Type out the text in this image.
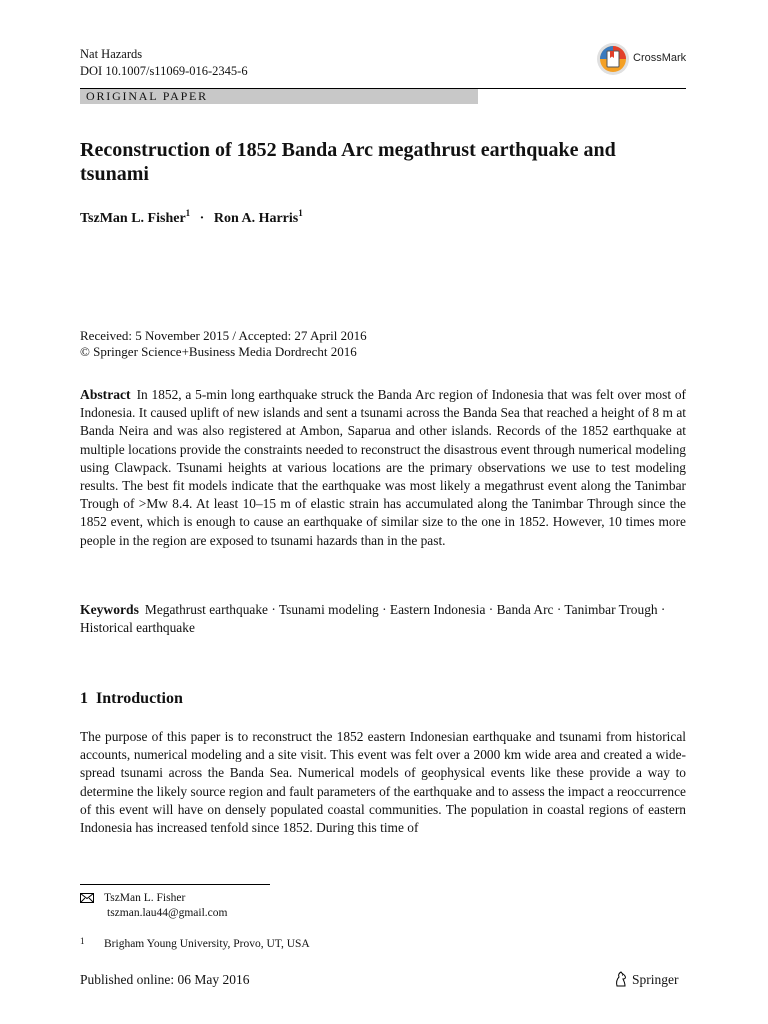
Nat Hazards
DOI 10.1007/s11069-016-2345-6
CrossMark
ORIGINAL PAPER
Reconstruction of 1852 Banda Arc megathrust earthquake and tsunami
TszMan L. Fisher$^1$ · Ron A. Harris$^1$
Received: 5 November 2015 / Accepted: 27 April 2016
© Springer Science+Business Media Dordrecht 2016
Abstract In 1852, a 5-min long earthquake struck the Banda Arc region of Indonesia that was felt over most of Indonesia. It caused uplift of new islands and sent a tsunami across the Banda Sea that reached a height of 8 m at Banda Neira and was also registered at Ambon, Saparua and other islands. Records of the 1852 earthquake at multiple locations provide the constraints needed to reconstruct the disastrous event through numerical modeling using Clawpack. Tsunami heights at various locations are the primary observations we use to test modeling results. The best fit models indicate that the earthquake was most likely a megathrust event along the Tanimbar Trough of >Mw 8.4. At least 10–15 m of elastic strain has accumulated along the Tanimbar Through since the 1852 event, which is enough to cause an earthquake of similar size to the one in 1852. However, 10 times more people in the region are exposed to tsunami hazards than in the past.
Keywords Megathrust earthquake · Tsunami modeling · Eastern Indonesia · Banda Arc · Tanimbar Trough · Historical earthquake
1 Introduction
The purpose of this paper is to reconstruct the 1852 eastern Indonesian earthquake and tsunami from historical accounts, numerical modeling and a site visit. This event was felt over a 2000 km wide area and created a wide-spread tsunami across the Banda Sea. Numerical models of geophysical events like these provide a way to determine the likely source region and fault parameters of the earthquake and to assess the impact a reoccurrence of this event will have on densely populated coastal communities. The population in coastal regions of eastern Indonesia has increased tenfold since 1852. During this time of
TszMan L. Fisher
tszman.lau44@gmail.com
1 Brigham Young University, Provo, UT, USA
Published online: 06 May 2016	Springer
